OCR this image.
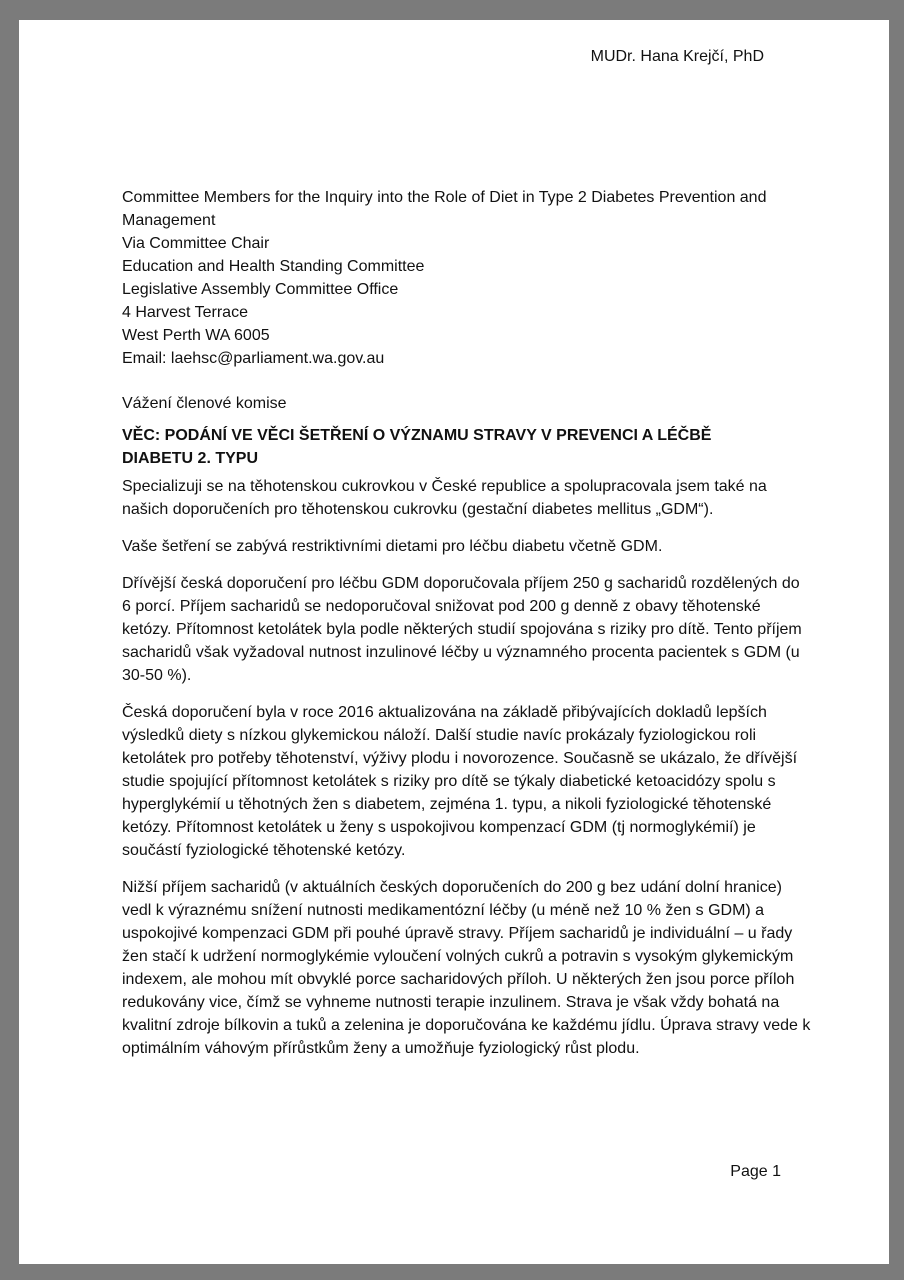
MUDr. Hana Krejčí, PhD
Committee Members for the Inquiry into the Role of Diet in Type 2 Diabetes Prevention and
Management
Via Committee Chair
Education and Health Standing Committee
Legislative Assembly Committee Office
4 Harvest Terrace
West Perth WA 6005
Email: laehsc@parliament.wa.gov.au
Vážení členové komise
VĚC: PODÁNÍ VE VĚCI ŠETŘENÍ O VÝZNAMU STRAVY V PREVENCI A LÉČBĚ DIABETU 2. TYPU

Specializuji se na těhotenskou cukrovkou v České republice a spolupracovala jsem také na našich doporučeních pro těhotenskou cukrovku (gestační diabetes mellitus „GDM“).

Vaše šetření se zabývá restriktivními dietami pro léčbu diabetu včetně GDM.

Dřívější česká doporučení pro léčbu GDM doporučovala příjem 250 g sacharidů rozdělených do 6 porcí. Příjem sacharidů se nedoporučoval snižovat pod 200 g denně z obavy těhotenské ketózy. Přítomnost ketolátek byla podle některých studií spojována s riziky pro dítě. Tento příjem sacharidů však vyžadoval nutnost inzulinové léčby u významného procenta pacientek s GDM (u 30-50 %).

Česká doporučení byla v roce 2016 aktualizována na základě přibývajících dokladů lepších výsledků diety s nízkou glykemickou náloží. Další studie navíc prokázaly fyziologickou roli ketolátek pro potřeby těhotenství, výživy plodu i novorozence. Současně se ukázalo, že dřívější studie spojující přítomnost ketolátek s riziky pro dítě se týkaly diabetické ketoacidózy spolu s hyperglykémií u těhotných žen s diabetem, zejména 1. typu, a nikoli fyziologické těhotenské ketózy. Přítomnost ketolátek u ženy s uspokojivou kompenzací GDM (tj normoglykémií) je součástí fyziologické těhotenské ketózy.

Nižší příjem sacharidů (v aktuálních českých doporučeních do 200 g bez udání dolní hranice) vedl k výraznému snížení nutnosti medikamentózní léčby (u méně než 10 % žen s GDM) a uspokojivé kompenzaci GDM při pouhé úpravě stravy. Příjem sacharidů je individuální – u řady žen stačí k udržení normoglykémie vyloučení volných cukrů a potravin s vysokým glykemickým indexem, ale mohou mít obvyklé porce sacharidových příloh. U některých žen jsou porce příloh redukovány vice, čímž se vyhneme nutnosti terapie inzulinem. Strava je však vždy bohatá na kvalitní zdroje bílkovin a tuků a zelenina je doporučována ke každému jídlu. Úprava stravy vede k optimálním váhovým přírůstkům ženy a umožňuje fyziologický růst plodu.

Page 1
